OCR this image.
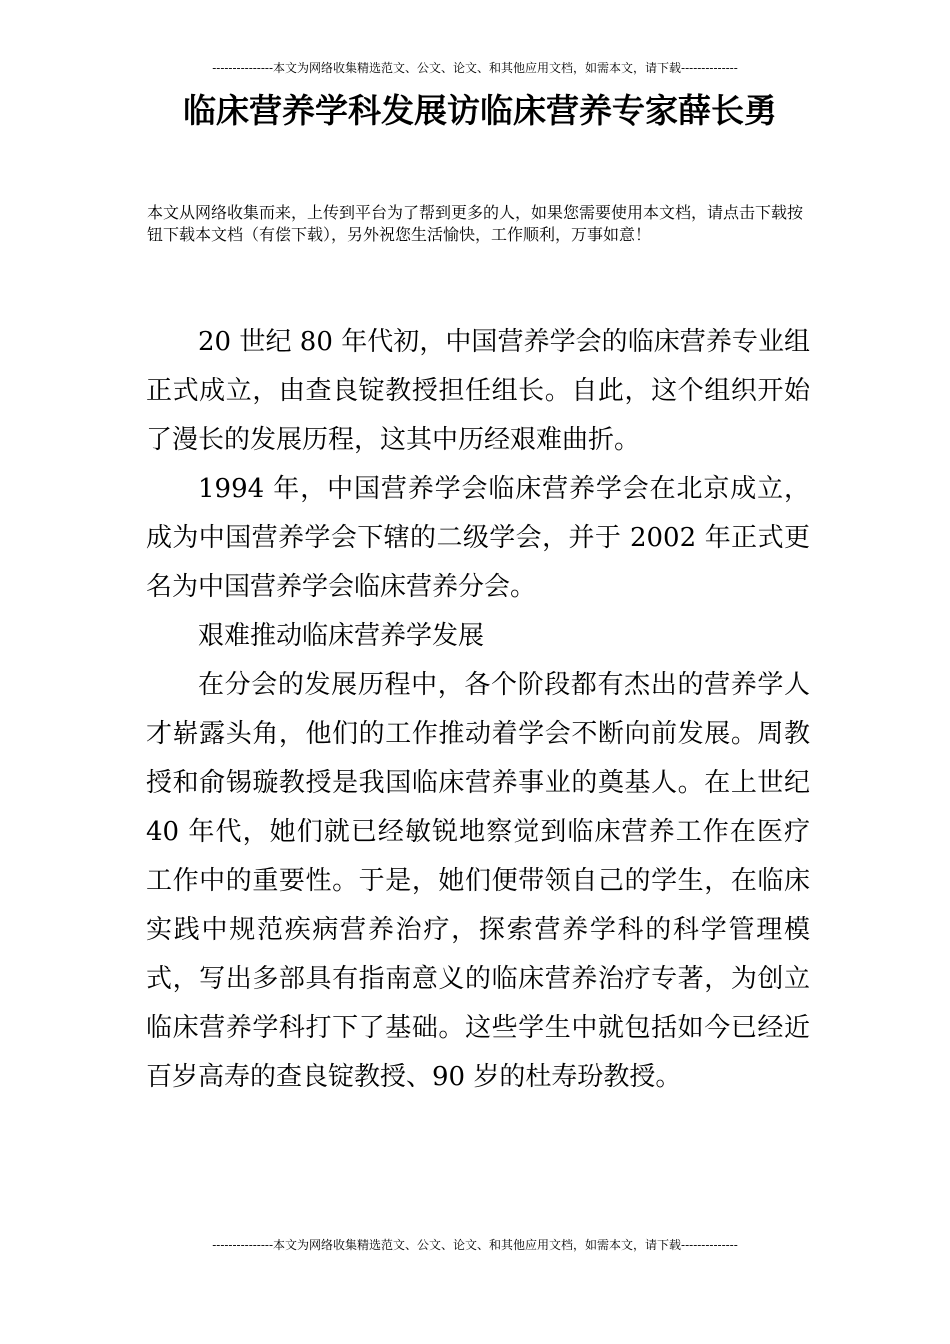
---------------本文为网络收集精选范文、公文、论文、和其他应用文档，如需本文，请下载--------------
临床营养学科发展访临床营养专家薛长勇
本文从网络收集而来，上传到平台为了帮到更多的人，如果您需要使用本文档，请点击下载按钮下载本文档（有偿下载），另外祝您生活愉快，工作顺利，万事如意！

20 世纪 80 年代初，中国营养学会的临床营养专业组正式成立，由查良锭教授担任组长。自此，这个组织开始了漫长的发展历程，这其中历经艰难曲折。

1994 年，中国营养学会临床营养学会在北京成立，成为中国营养学会下辖的二级学会，并于 2002 年正式更名为中国营养学会临床营养分会。

艰难推动临床营养学发展

在分会的发展历程中，各个阶段都有杰出的营养学人才崭露头角，他们的工作推动着学会不断向前发展。周教授和俞锡璇教授是我国临床营养事业的奠基人。在上世纪 40 年代，她们就已经敏锐地察觉到临床营养工作在医疗工作中的重要性。于是，她们便带领自己的学生，在临床实践中规范疾病营养治疗，探索营养学科的科学管理模式，写出多部具有指南意义的临床营养治疗专著，为创立临床营养学科打下了基础。这些学生中就包括如今已经近百岁高寿的查良锭教授、90 岁的杜寿玢教授。

---------------本文为网络收集精选范文、公文、论文、和其他应用文档，如需本文，请下载--------------
